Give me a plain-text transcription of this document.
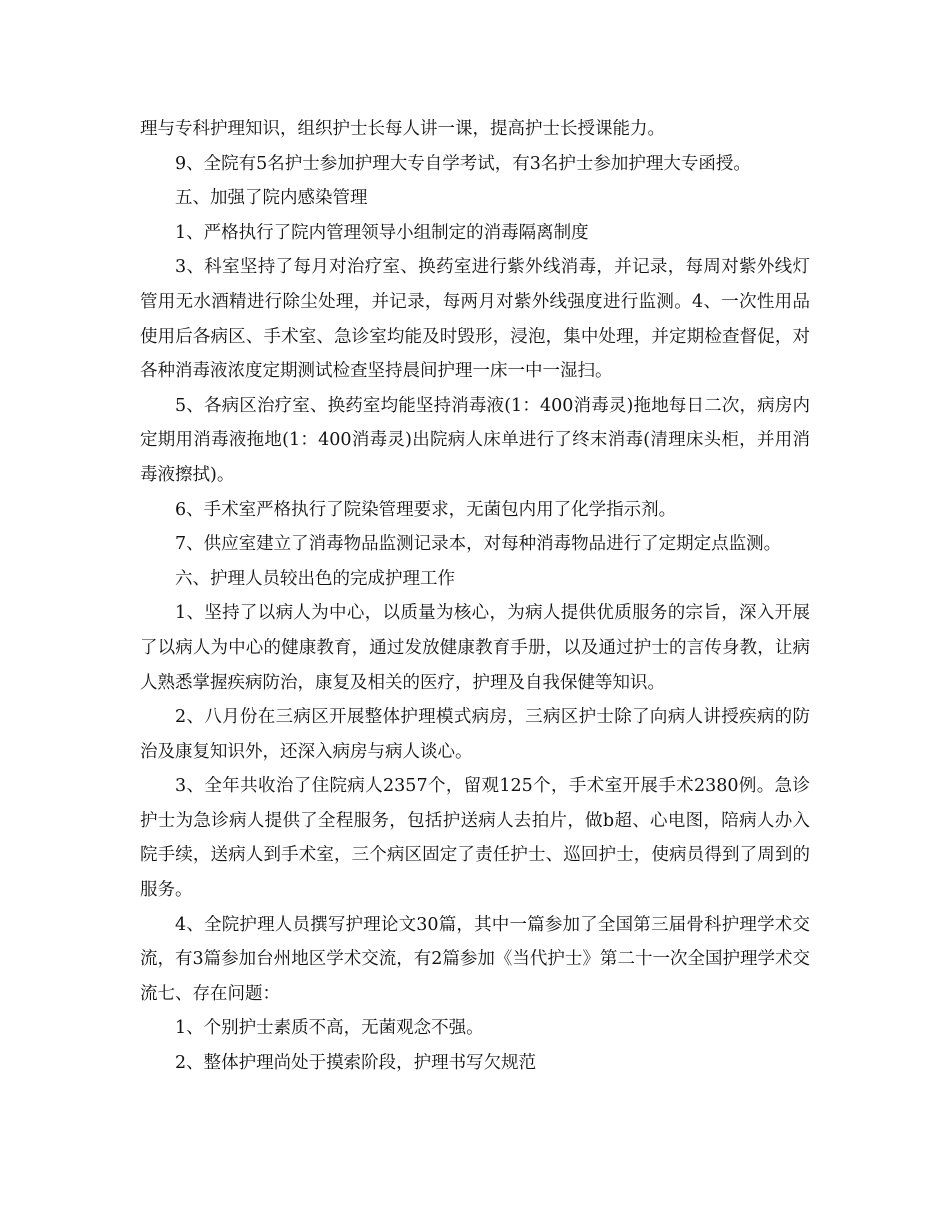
理与专科护理知识，组织护士长每人讲一课，提高护士长授课能力。

9、全院有5名护士参加护理大专自学考试，有3名护士参加护理大专函授。

五、加强了院内感染管理

1、严格执行了院内管理领导小组制定的消毒隔离制度

3、科室坚持了每月对治疗室、换药室进行紫外线消毒，并记录，每周对紫外线灯管用无水酒精进行除尘处理，并记录，每两月对紫外线强度进行监测。4、一次性用品使用后各病区、手术室、急诊室均能及时毁形，浸泡，集中处理，并定期检查督促，对各种消毒液浓度定期测试检查坚持晨间护理一床一中一湿扫。

5、各病区治疗室、换药室均能坚持消毒液(1：400消毒灵)拖地每日二次，病房内定期用消毒液拖地(1：400消毒灵)出院病人床单进行了终末消毒(清理床头柜，并用消毒液擦拭)。

6、手术室严格执行了院染管理要求，无菌包内用了化学指示剂。

7、供应室建立了消毒物品监测记录本，对每种消毒物品进行了定期定点监测。

六、护理人员较出色的完成护理工作

1、坚持了以病人为中心，以质量为核心，为病人提供优质服务的宗旨，深入开展了以病人为中心的健康教育，通过发放健康教育手册，以及通过护士的言传身教，让病人熟悉掌握疾病防治，康复及相关的医疗，护理及自我保健等知识。

2、八月份在三病区开展整体护理模式病房，三病区护士除了向病人讲授疾病的防治及康复知识外，还深入病房与病人谈心。

3、全年共收治了住院病人2357个，留观125个，手术室开展手术2380例。急诊护士为急诊病人提供了全程服务，包括护送病人去拍片，做b超、心电图，陪病人办入院手续，送病人到手术室，三个病区固定了责任护士、巡回护士，使病员得到了周到的服务。

4、全院护理人员撰写护理论文30篇，其中一篇参加了全国第三届骨科护理学术交流，有3篇参加台州地区学术交流，有2篇参加《当代护士》第二十一次全国护理学术交流七、存在问题：

1、个别护士素质不高，无菌观念不强。

2、整体护理尚处于摸索阶段，护理书写欠规范
